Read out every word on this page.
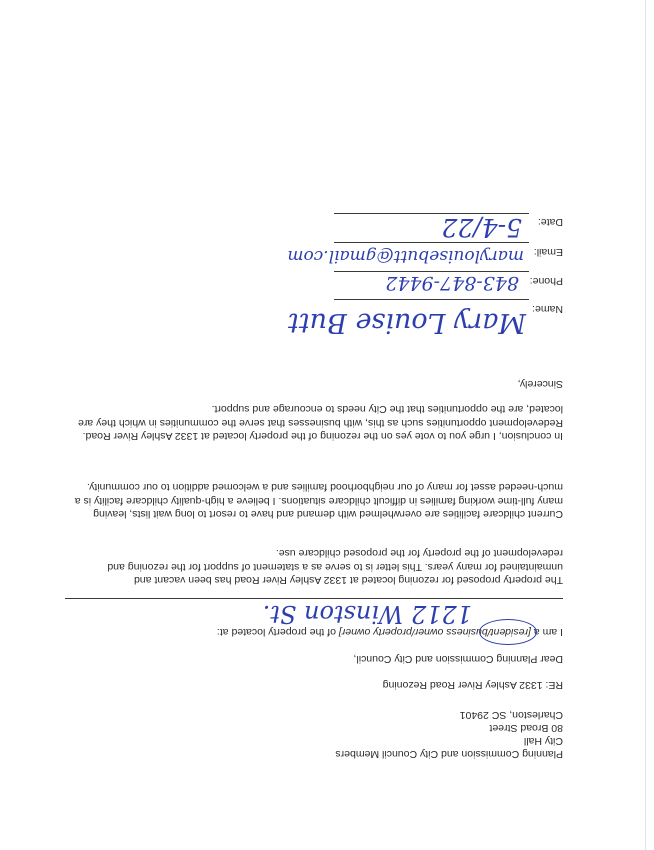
Planning Commission and City Council Members
City Hall
80 Broad Street
Charleston, SC 29401
RE: 1332 Ashley River Road Rezoning
Dear Planning Commission and City Council,
I am a [resident/business owner/property owner] of the property located at:
1212 Winston St.
The property proposed for rezoning located at 1332 Ashley River Road has been vacant and unmaintained for many years. This letter is to serve as a statement of support for the rezoning and redevelopment of the property for the proposed childcare use.
Current childcare facilities are overwhelmed with demand and have to resort to long wait lists, leaving many full-time working families in difficult childcare situations. I believe a high-quality childcare facility is a much-needed asset for many of our neighborhood families and a welcomed addition to our community.
In conclusion, I urge you to vote yes on the rezoning of the property located at 1332 Ashley River Road. Redevelopment opportunities such as this, with businesses that serve the communities in which they are located, are the opportunities that the City needs to encourage and support.
Sincerely,
Name:
Mary Louise Butt
Phone:
843-847-9442
Email:
marylouisebutt@gmail.com
Date:
5-4/22
